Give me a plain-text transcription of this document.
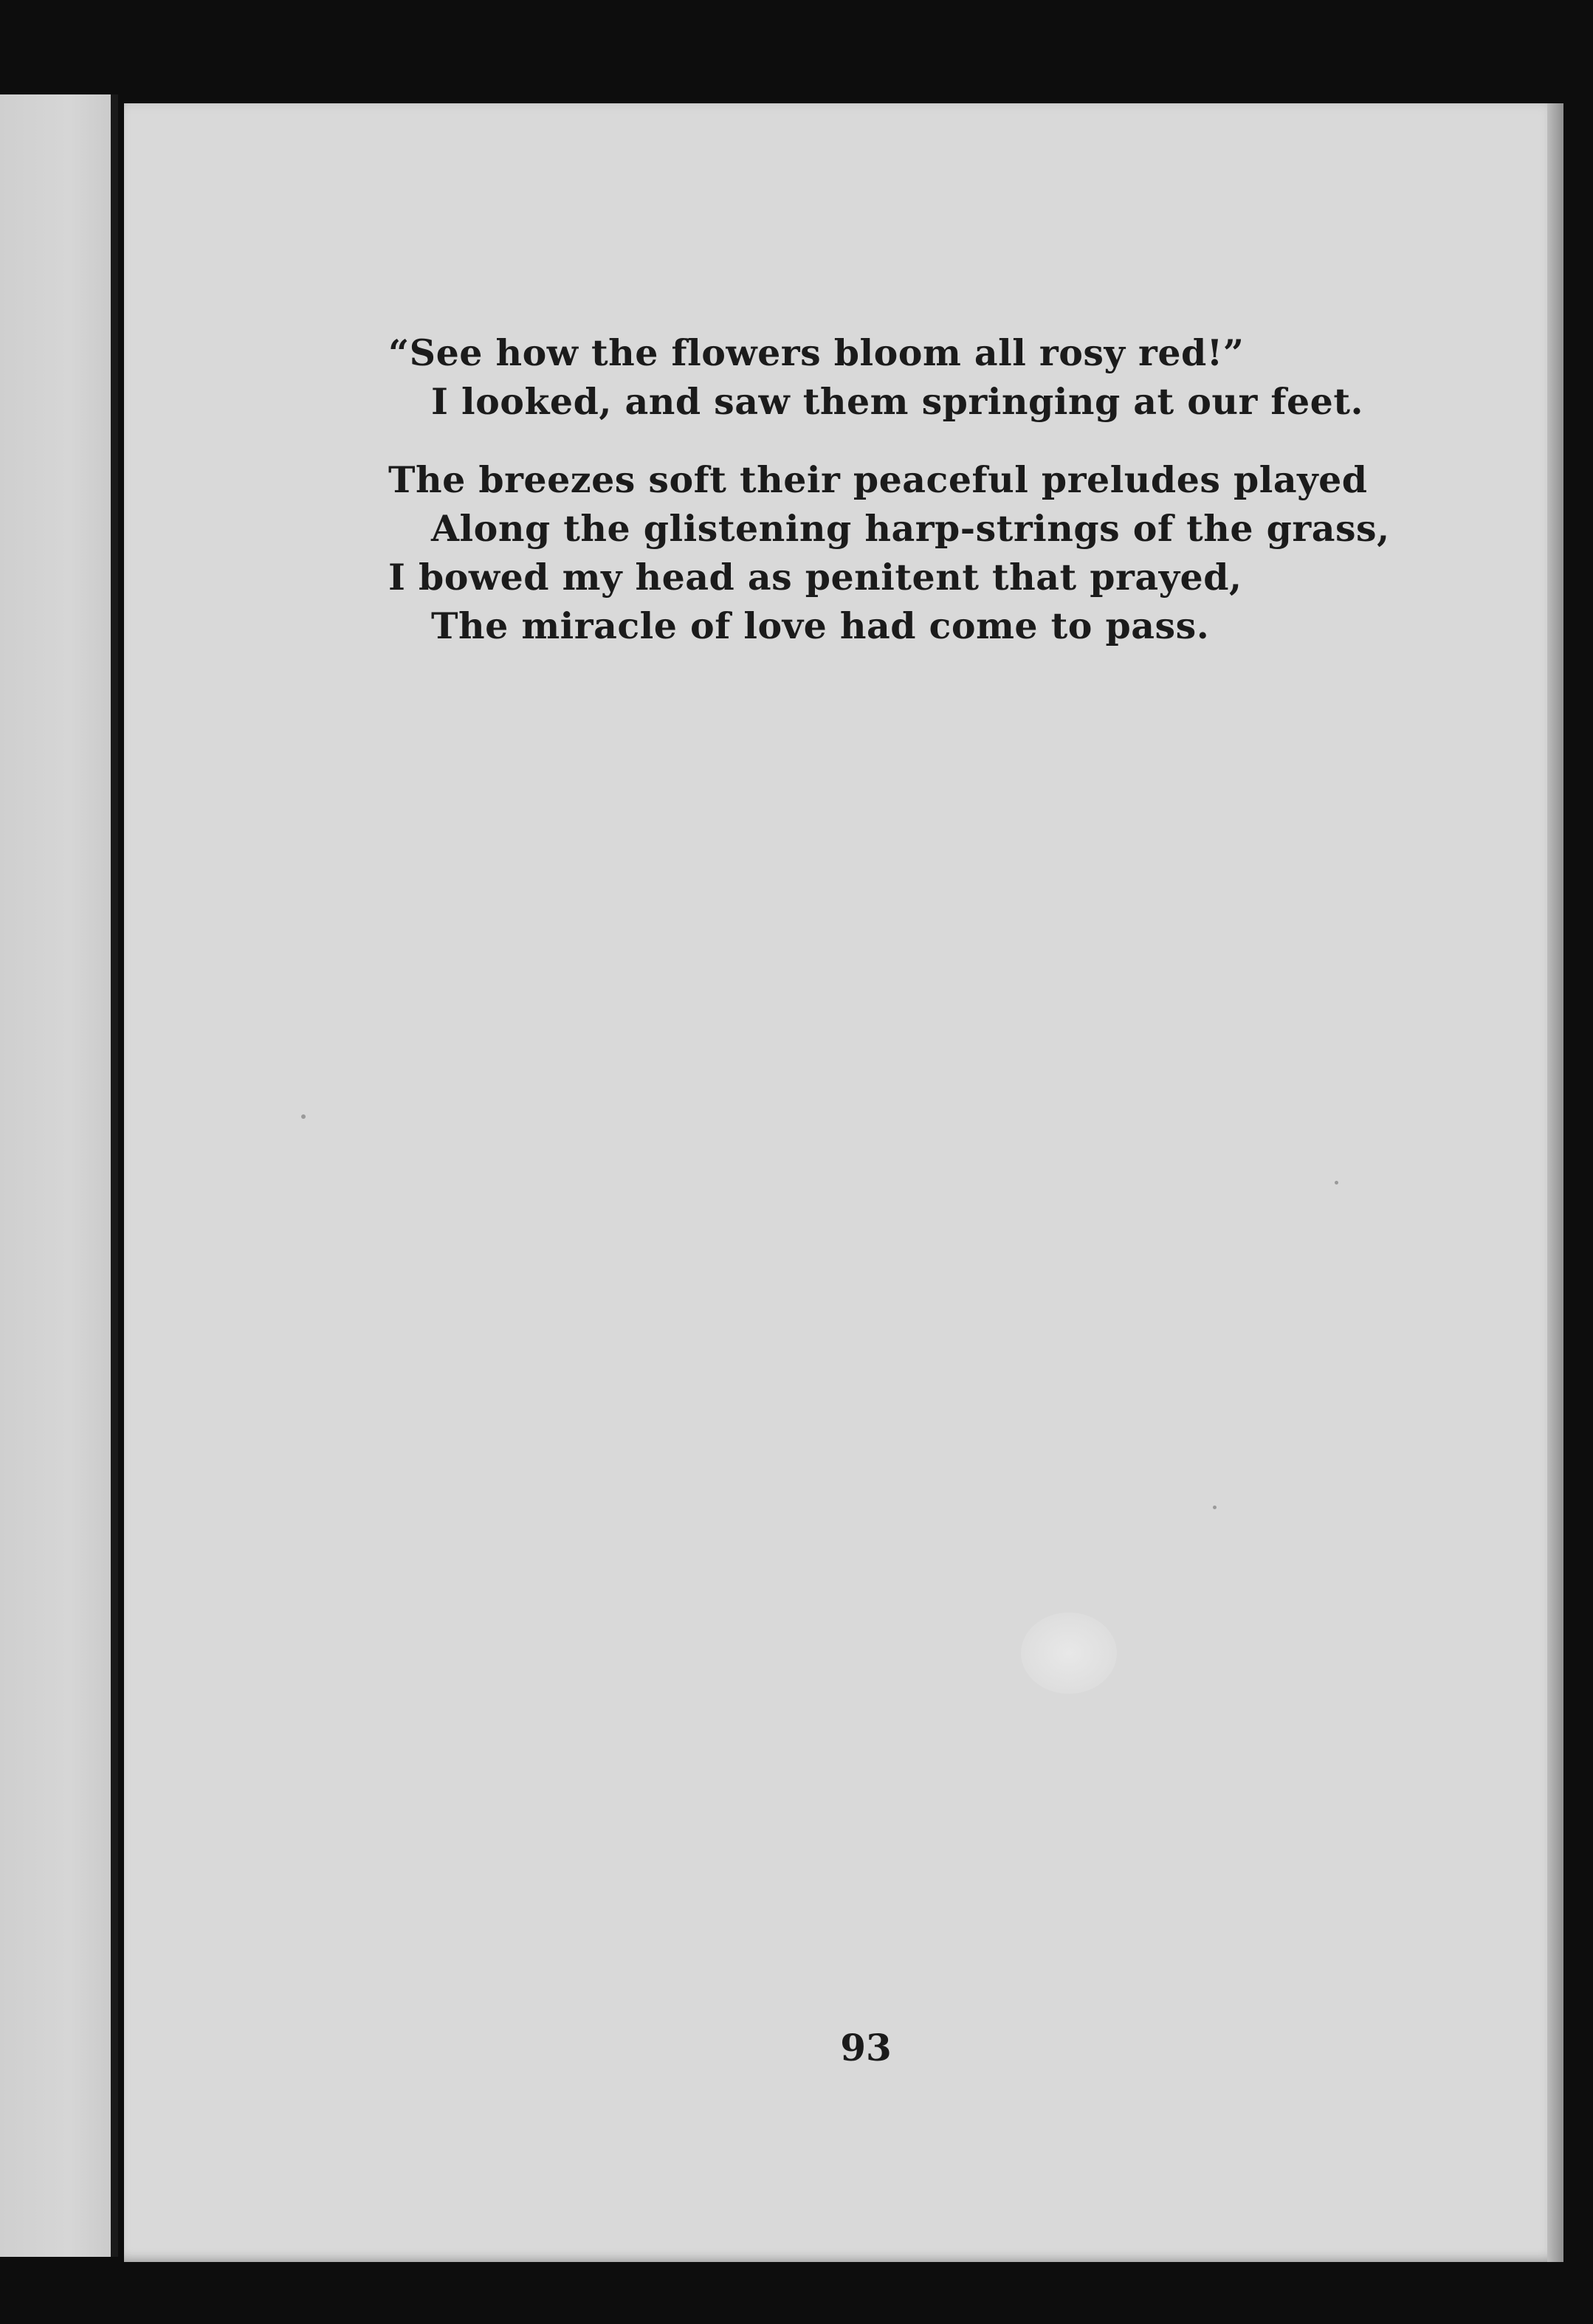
“See how the flowers bloom all rosy red!”
I looked, and saw them springing at our feet.
The breezes soft their peaceful preludes played
Along the glistening harp-strings of the grass,
I bowed my head as penitent that prayed,
The miracle of love had come to pass.
93
